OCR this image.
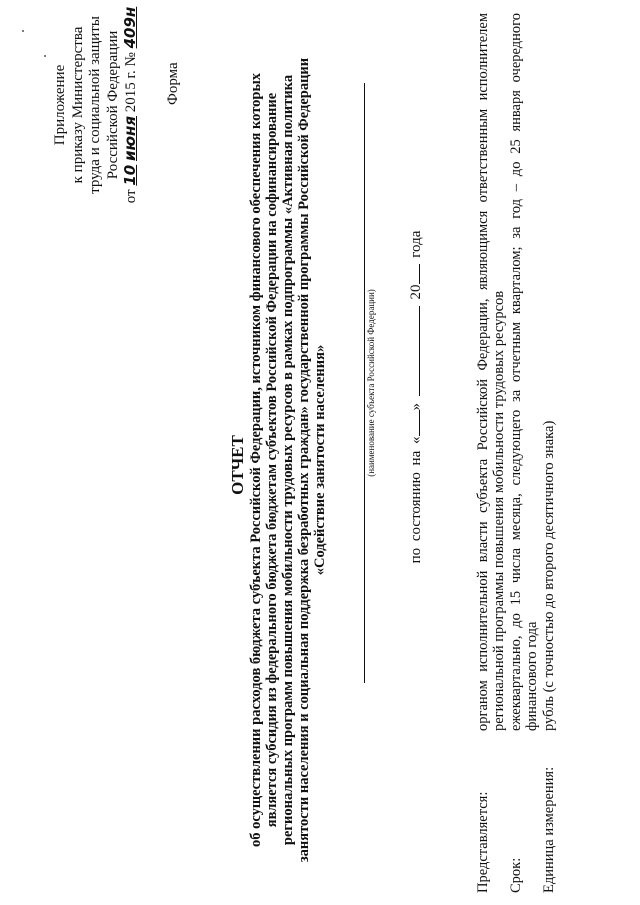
Приложение к приказу Министерства труда и социальной защиты Российской Федерации
от 10 июня 2015 г. № 409н
Форма
ОТЧЕТ об осуществлении расходов бюджета субъекта Российской Федерации, источником финансового обеспечения которых является субсидия из федерального бюджета бюджетам субъектов Российской Федерации на софинансирование региональных программ повышения мобильности трудовых ресурсов в рамках подпрограммы «Активная политика занятости населения и социальная поддержка безработных граждан» государственной программы Российской Федерации «Содействие занятости населения»	(наименование субъекта Российской Федерации)
по состоянию на «»  20 года
Представляется:
органом исполнительной власти субъекта Российской Федерации, являющимся ответственным исполнителем региональной программы повышения мобильности трудовых ресурсов
Срок:
ежеквартально, до 15 числа месяца, следующего за отчетным кварталом; за год – до 25 января очередного финансового года
Единица измерения:
рубль (с точностью до второго десятичного знака)
